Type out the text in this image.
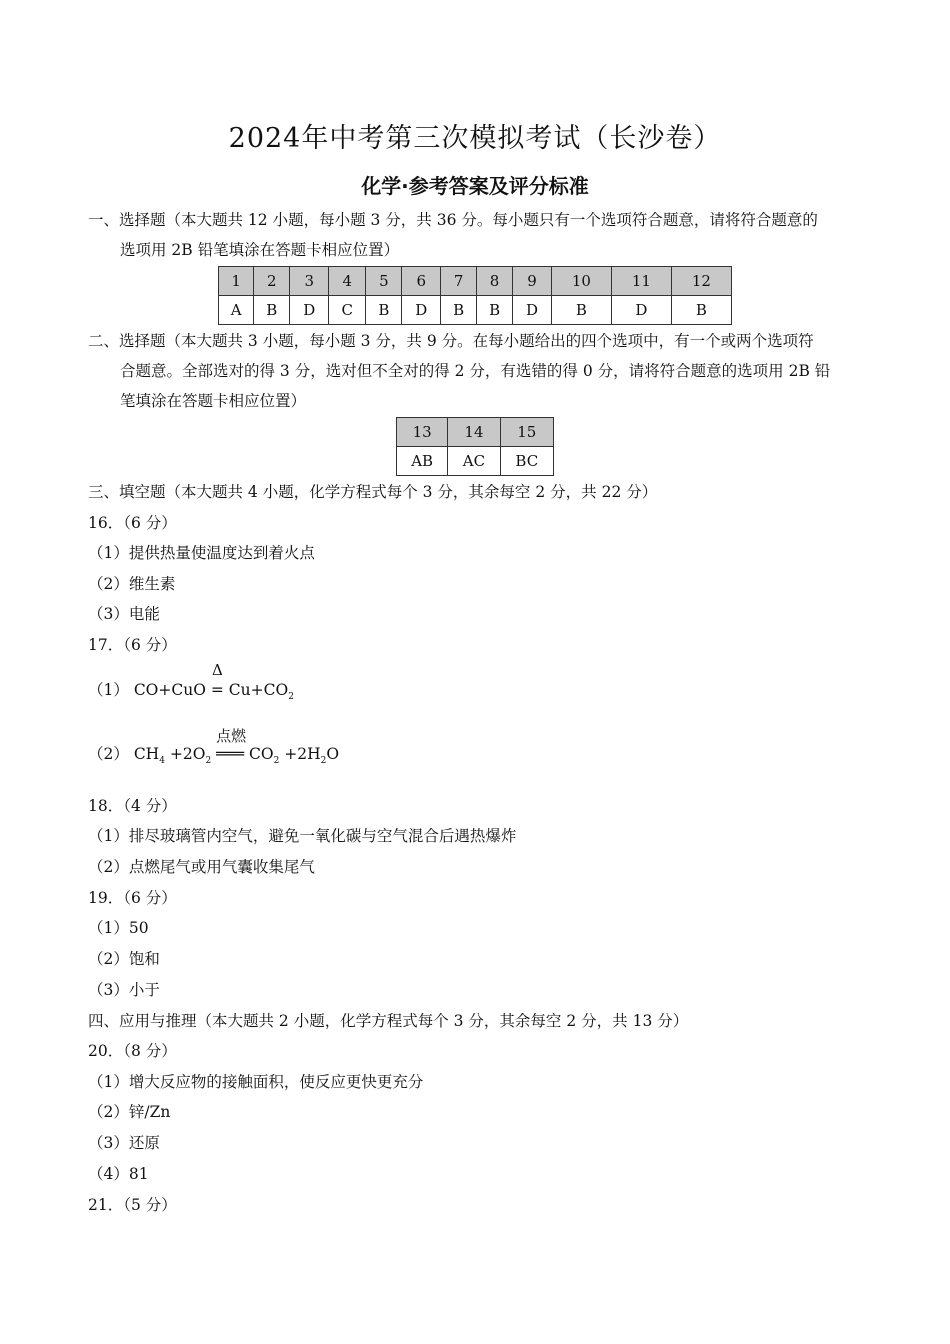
2024年中考第三次模拟考试（长沙卷）
化学·参考答案及评分标准
一、选择题（本大题共 12 小题，每小题 3 分，共 36 分。每小题只有一个选项符合题意，请将符合题意的
选项用 2B 铅笔填涂在答题卡相应位置）
1	2	3	4	5	6	7	8	9	10	11	12
A	B	D	C	B	D	B	B	D	B	D	B
二、选择题（本大题共 3 小题，每小题 3 分，共 9 分。在每小题给出的四个选项中，有一个或两个选项符
合题意。全部选对的得 3 分，选对但不全对的得 2 分，有选错的得 0 分，请将符合题意的选项用 2B 铅
笔填涂在答题卡相应位置）
13	14	15
AB	AC	BC
三、填空题（本大题共 4 小题，化学方程式每个 3 分，其余每空 2 分，共 22 分）
16．（6 分）
（1）提供热量使温度达到着火点
（2）维生素
（3）电能
17．（6 分）
（1） CO+CuO
Δ
= $Cu+CO_2$
（2） $CH_4 +2O_2$
点燃
═══ $CO_2 +2H_2O$
18．（4 分）
（1）排尽玻璃管内空气，避免一氧化碳与空气混合后遇热爆炸
（2）点燃尾气或用气囊收集尾气
19．（6 分）
（1）50
（2）饱和
（3）小于
四、应用与推理（本大题共 2 小题，化学方程式每个 3 分，其余每空 2 分，共 13 分）
20．（8 分）
（1）增大反应物的接触面积，使反应更快更充分
（2）锌/Zn
（3）还原
（4）81
21．（5 分）
